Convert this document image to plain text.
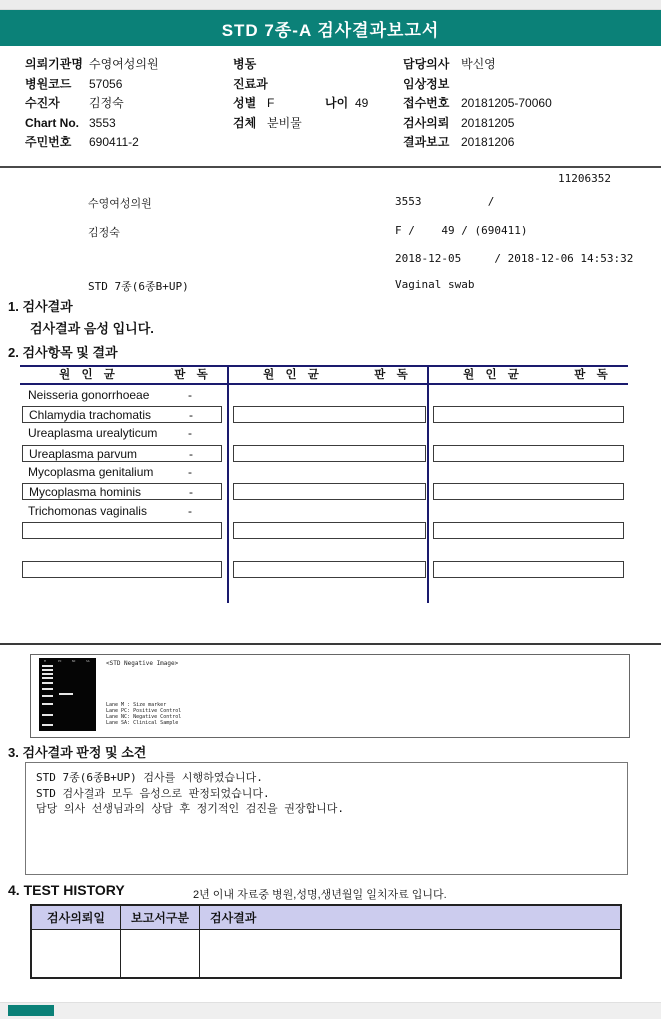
STD 7종-A 검사결과보고서
의뢰기관명 수영여성의원
병원코드 57056
수진자 김정숙
Chart No. 3553
주민번호 690411-2
병동
진료과
성별 F	나이 49
검체 분비물
담당의사 박신영
임상정보
접수번호 20181205-70060
검사의뢰 20181205
결과보고 20181206
11206352
수영여성의원	3553          /
김정숙	F /    49 / (690411)
2018-12-05     / 2018-12-06 14:53:32
STD 7종(6종B+UP)	Vaginal swab
1. 검사결과
검사결과 음성 입니다.
2. 검사항목 및 결과
원 인 균	판 독	원 인 균	판 독	원 인 균	판 독
Neisseria gonorrhoeae	-
Chlamydia trachomatis	-
Ureaplasma urealyticum	-
Ureaplasma parvum	-
Mycoplasma genitalium	-
Mycoplasma hominis	-
Trichomonas vaginalis	-
M	PC	NC	SA	<STD Negative Image>
Lane M : Size marker
Lane PC: Positive Control
Lane NC: Negative Control
Lane SA: Clinical Sample
3. 검사결과 판정 및 소견

STD 7종(6종B+UP) 검사를 시행하였습니다.

STD 검사결과 모두 음성으로 판정되었습니다.

담당 의사 선생님과의 상담 후 정기적인 검진을 권장합니다.

4. TEST HISTORY	2년 이내 자료중 병원,성명,생년월일 일치자료 입니다.
검사의뢰일	보고서구분	검사결과
